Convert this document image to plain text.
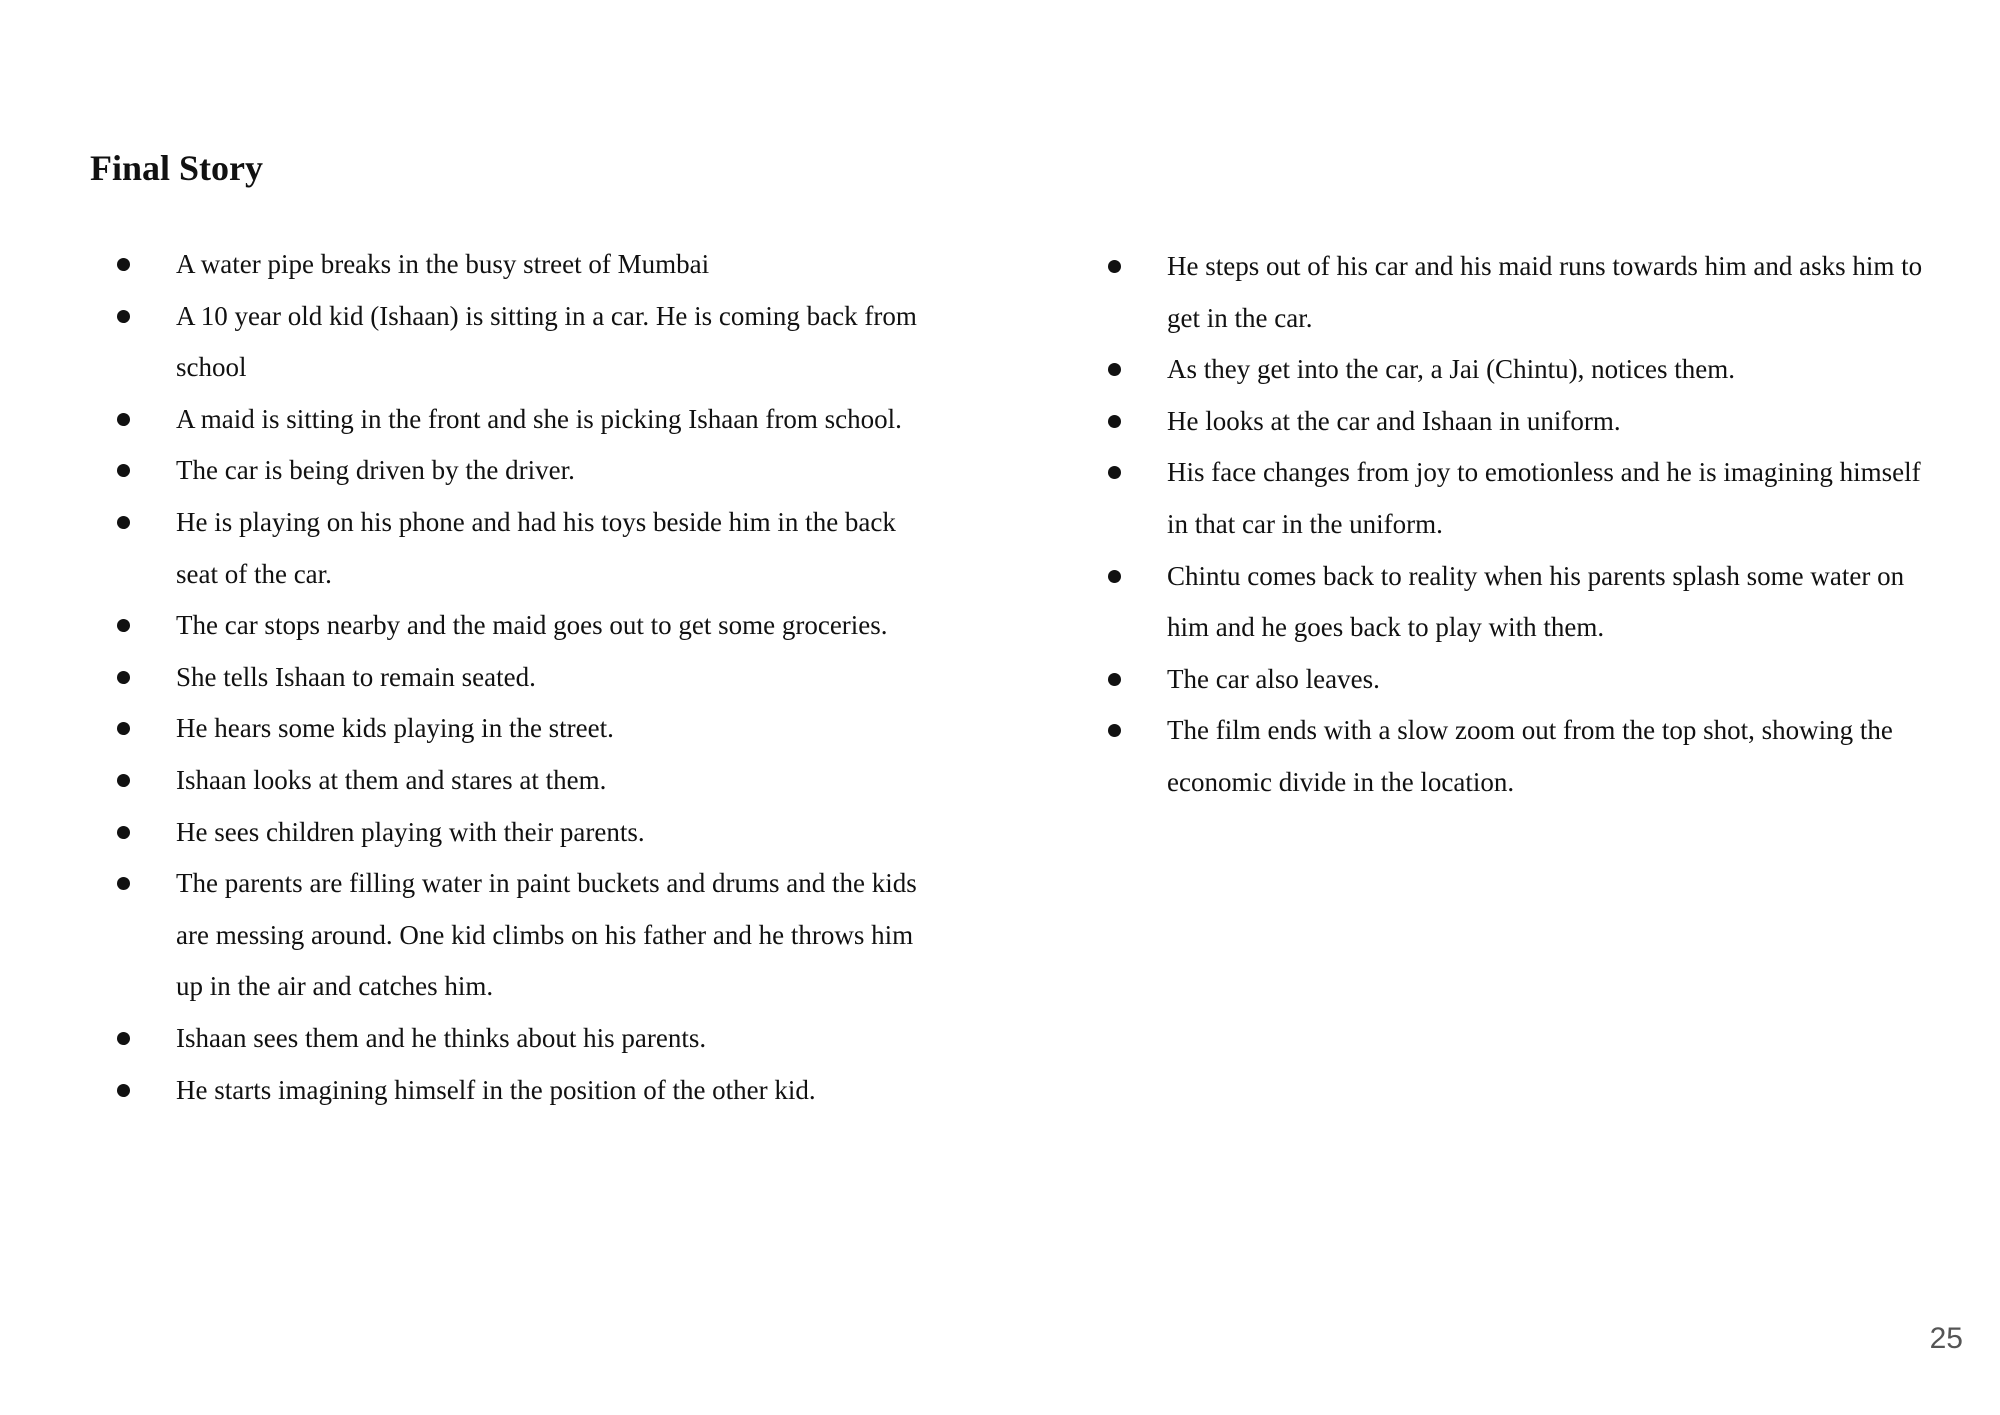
Final Story
A water pipe breaks in the busy street of Mumbai
A 10 year old kid (Ishaan) is sitting in a car. He is coming back from school
A maid is sitting in the front and she is picking Ishaan from school.
The car is being driven by the driver.
He is playing on his phone and had his toys beside him in the back seat of the car.
The car stops nearby and the maid goes out to get some groceries.
She tells Ishaan to remain seated.
He hears some kids playing in the street.
Ishaan looks at them and stares at them.
He sees children playing with their parents.
The parents are filling water in paint buckets and drums and the kids are messing around. One kid climbs on his father and he throws him up in the air and catches him.
Ishaan sees them and he thinks about his parents.
He starts imagining himself in the position of the other kid.
He steps out of his car and his maid runs towards him and asks him to get in the car.
As they get into the car, a Jai (Chintu), notices them.
He looks at the car and Ishaan in uniform.
His face changes from joy to emotionless and he is imagining himself in that car in the uniform.
Chintu comes back to reality when his parents splash some water on him and he goes back to play with them.
The car also leaves.
The film ends with a slow zoom out from the top shot, showing the economic divide in the location.
25
